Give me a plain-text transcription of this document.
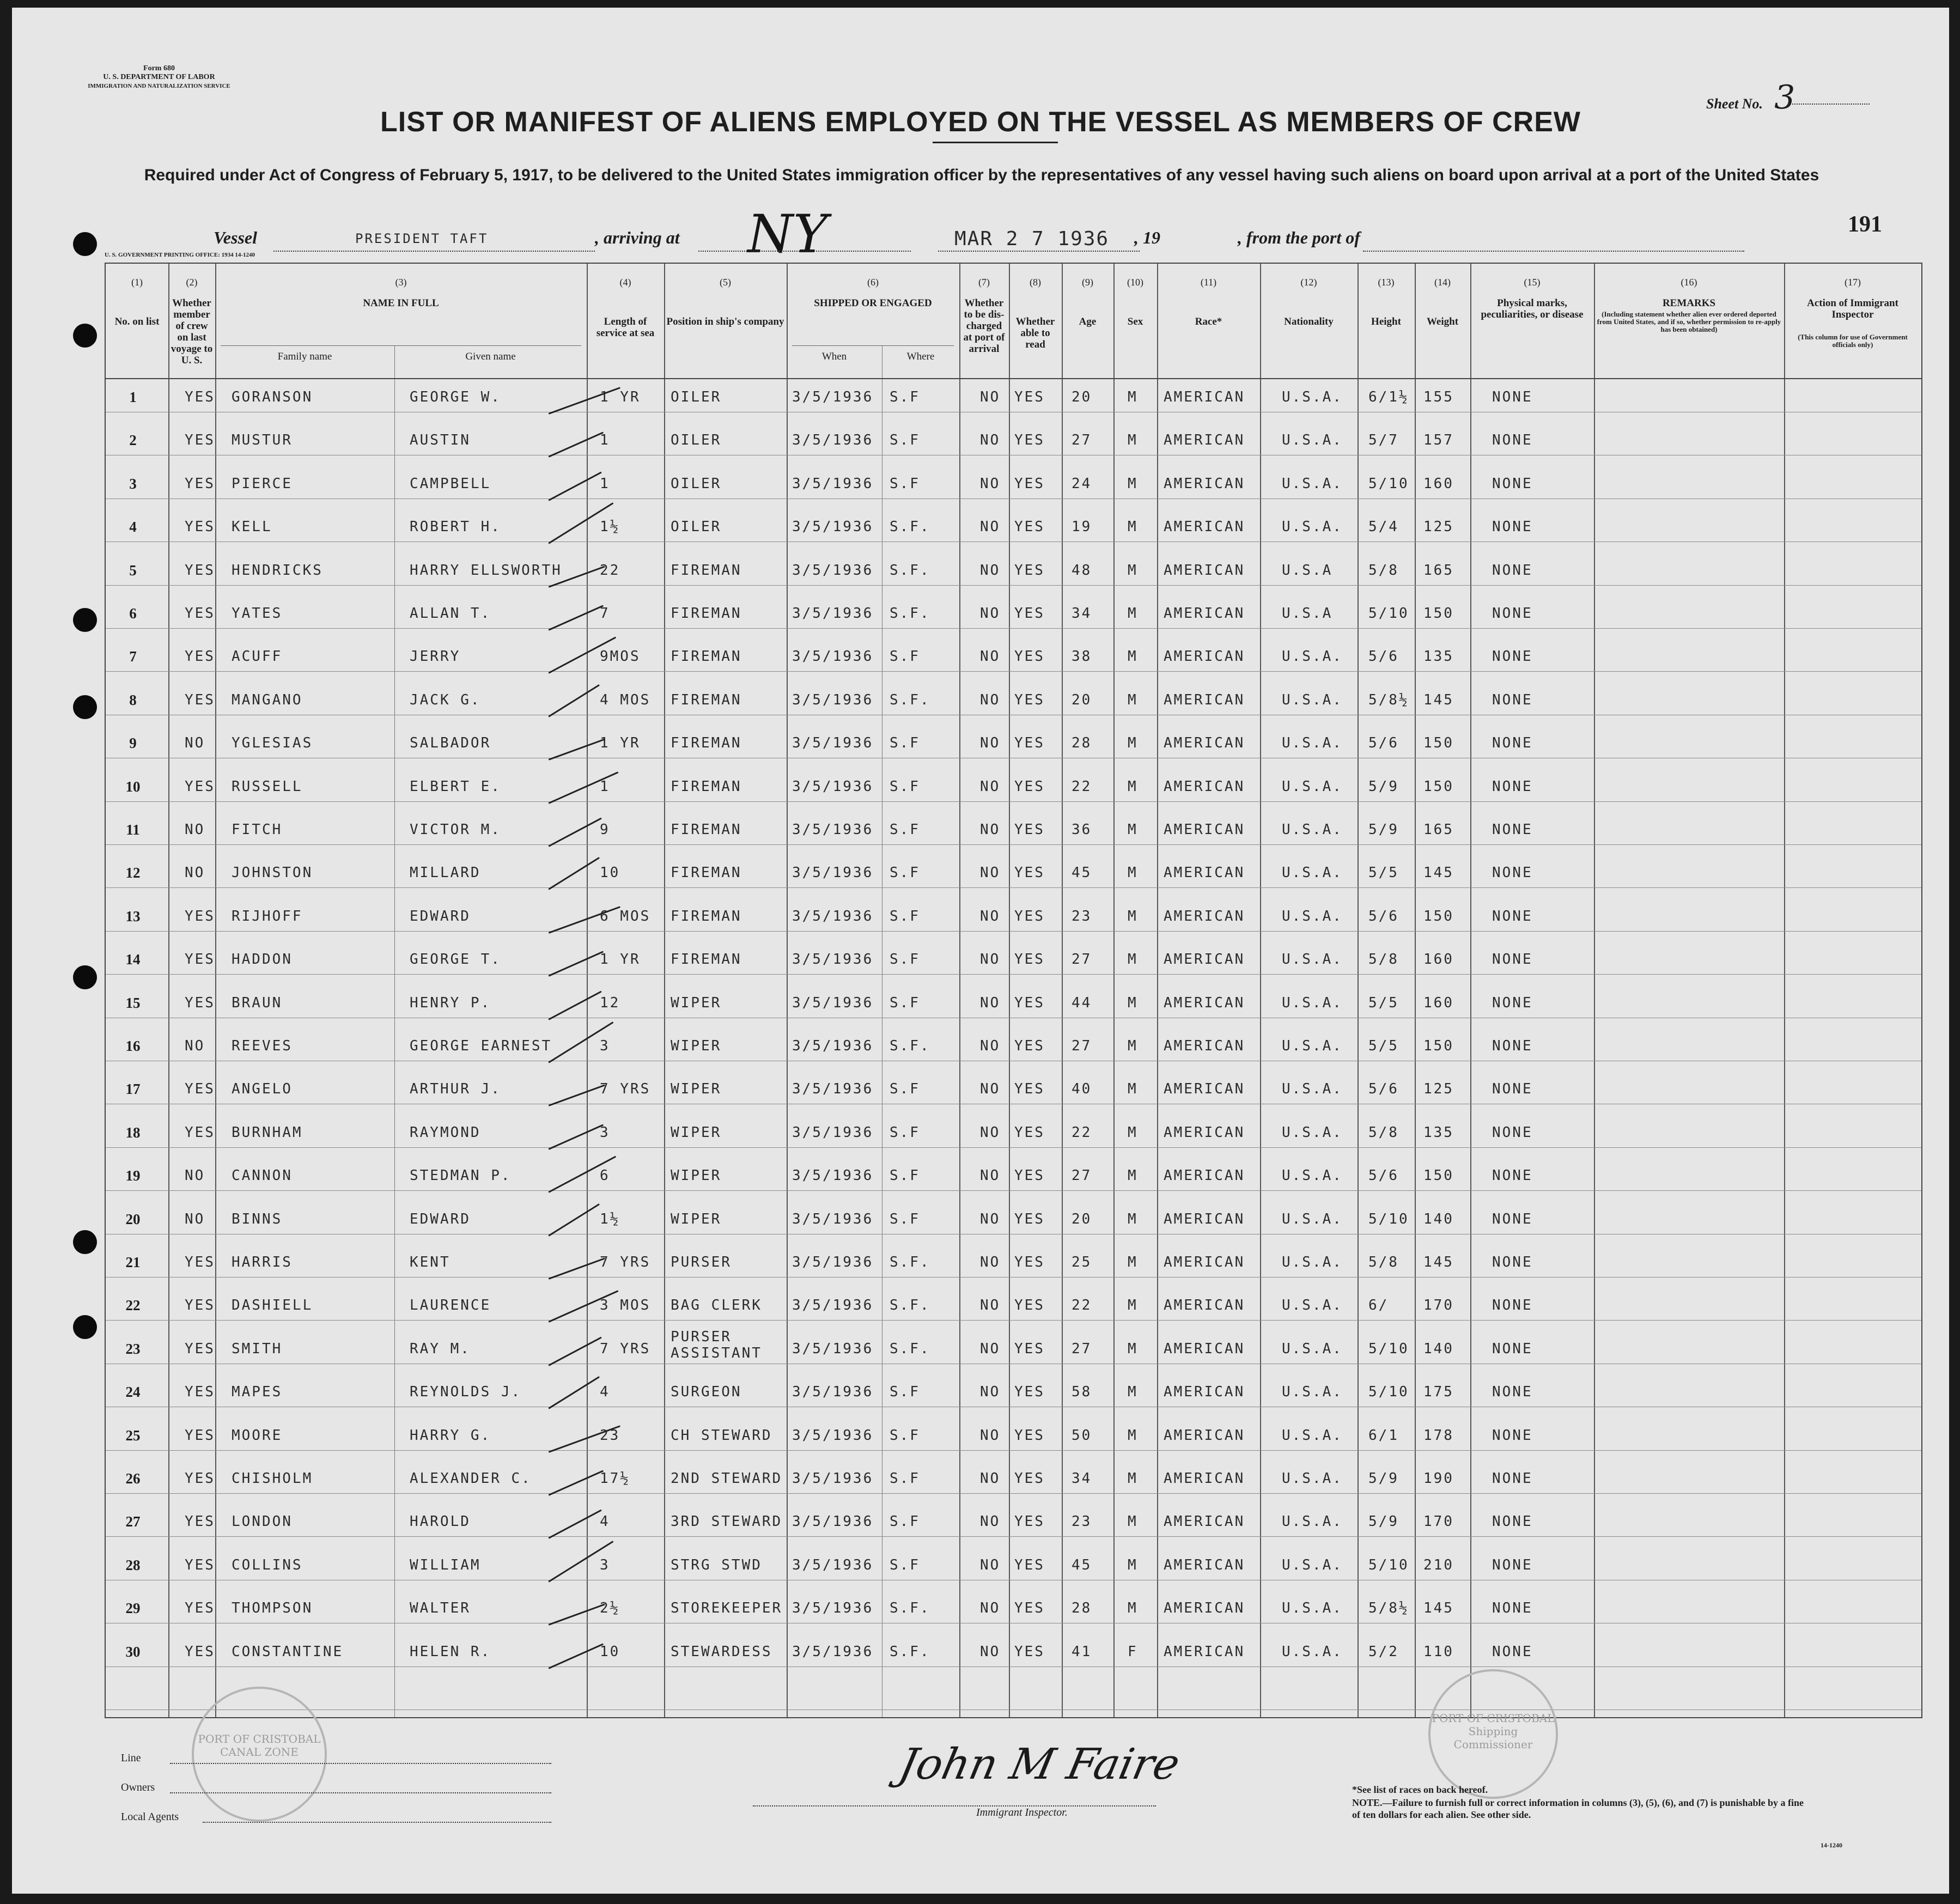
Form 680
U. S. DEPARTMENT OF LABOR
IMMIGRATION AND NATURALIZATION SERVICE
Sheet No. 3
LIST OR MANIFEST OF ALIENS EMPLOYED ON THE VESSEL AS MEMBERS OF CREW
Required under Act of Congress of February 5, 1917, to be delivered to the United States immigration officer by the representatives of any vessel having such aliens on board upon arrival at a port of the United States
191
Vessel	PRESIDENT TAFT	, arriving at NY	MAR 2 7 1936 , 19	, from the port of
U. S. GOVERNMENT PRINTING OFFICE: 1934 14-1240
(1)
No. on list
(2)
Whether member of crew on last voyage to U. S.
(3)
NAME IN FULL
Family name	Given name
(4)
Length of service at sea
(5)
Position in ship's company
(6)
SHIPPED OR ENGAGED
When	Where
(7)
Whether to be dis-charged at port of arrival
(8)
Whether able to read
(9)
Age
(10)
Sex
(11)
Race*
(12)
Nationality
(13)
Height
(14)
Weight
(15)
Physical marks, peculiarities, or disease
(16)
REMARKS
(Including statement whether alien ever ordered deported from United States, and if so, whether permission to re-apply has been obtained)
(17)
Action of Immigrant Inspector
(This column for use of Government officials only)
1	YES GORANSON	GEORGE W.	1 YR OILER	3/5/1936 S.F	NO YES 20	M AMERICAN	U.S.A. 6/1½ 155	NONE
2	YES MUSTUR	AUSTIN	1	OILER	3/5/1936 S.F	NO YES 27	M AMERICAN	U.S.A. 5/7 157	NONE
3	YES PIERCE	CAMPBELL	1	OILER	3/5/1936 S.F	NO YES 24	M AMERICAN	U.S.A. 5/10 160	NONE
4	YES KELL	ROBERT H.	1½	OILER	3/5/1936 S.F.	NO YES 19	M AMERICAN	U.S.A. 5/4 125	NONE
5	YES HENDRICKS	HARRY ELLSWORTH	22	FIREMAN	3/5/1936 S.F.	NO YES 48	M AMERICAN	U.S.A	5/8 165	NONE
6	YES YATES	ALLAN T.	7	FIREMAN	3/5/1936 S.F.	NO YES 34	M AMERICAN	U.S.A	5/10 150	NONE
7	YES ACUFF	JERRY	9MOS FIREMAN	3/5/1936 S.F	NO YES 38	M AMERICAN	U.S.A. 5/6 135	NONE
8	YES MANGANO	JACK G.	4 MOS FIREMAN	3/5/1936 S.F.	NO YES 20	M AMERICAN	U.S.A. 5/8½ 145	NONE
9	NO YGLESIAS	SALBADOR	1 YR FIREMAN	3/5/1936 S.F	NO YES 28	M AMERICAN	U.S.A. 5/6 150	NONE
10	YES RUSSELL	ELBERT E.	1	FIREMAN	3/5/1936 S.F	NO YES 22	M AMERICAN	U.S.A. 5/9 150	NONE
11	NO FITCH	VICTOR M.	9	FIREMAN	3/5/1936 S.F	NO YES 36	M AMERICAN	U.S.A. 5/9 165	NONE
12	NO JOHNSTON	MILLARD	10	FIREMAN	3/5/1936 S.F	NO YES 45	M AMERICAN	U.S.A. 5/5 145	NONE
13	YES RIJHOFF	EDWARD	6 MOS FIREMAN	3/5/1936 S.F	NO YES 23	M AMERICAN	U.S.A. 5/6 150	NONE
14	YES HADDON	GEORGE T.	1 YR FIREMAN	3/5/1936 S.F	NO YES 27	M AMERICAN	U.S.A. 5/8 160	NONE
15	YES BRAUN	HENRY P.	12	WIPER	3/5/1936 S.F	NO YES 44	M AMERICAN	U.S.A. 5/5 160	NONE
16	NO REEVES	GEORGE EARNEST	3	WIPER	3/5/1936 S.F.	NO YES 27	M AMERICAN	U.S.A. 5/5 150	NONE
17	YES ANGELO	ARTHUR J.	7 YRS WIPER	3/5/1936 S.F	NO YES 40	M AMERICAN	U.S.A. 5/6 125	NONE
18	YES BURNHAM	RAYMOND	3	WIPER	3/5/1936 S.F	NO YES 22	M AMERICAN	U.S.A. 5/8 135	NONE
19	NO CANNON	STEDMAN P.	6	WIPER	3/5/1936 S.F	NO YES 27	M AMERICAN	U.S.A. 5/6 150	NONE
20	NO BINNS	EDWARD	1½	WIPER	3/5/1936 S.F	NO YES 20	M AMERICAN	U.S.A. 5/10 140	NONE
21	YES HARRIS	KENT	7 YRS PURSER	3/5/1936 S.F.	NO YES 25	M AMERICAN	U.S.A. 5/8 145	NONE
22	YES DASHIELL	LAURENCE	3 MOS BAG CLERK 3/5/1936 S.F.	NO YES 22	M AMERICAN	U.S.A. 6/ 170	NONE
23	YES SMITH	RAY M.	7 YRS
PURSER ASSISTANT 3/5/1936 S.F.	NO YES 27	M AMERICAN	U.S.A. 5/10 140	NONE
24	YES MAPES	REYNOLDS J.	4	SURGEON	3/5/1936 S.F	NO YES 58	M AMERICAN	U.S.A. 5/10 175	NONE
25	YES MOORE	HARRY G.	23	CH STEWARD 3/5/1936 S.F	NO YES 50	M AMERICAN	U.S.A. 6/1 178	NONE
26	YES CHISHOLM	ALEXANDER C.	17½	2ND STEWARD 3/5/1936 S.F	NO YES 34	M AMERICAN	U.S.A. 5/9 190	NONE
27	YES LONDON	HAROLD	4	3RD STEWARD 3/5/1936 S.F	NO YES 23	M AMERICAN	U.S.A. 5/9 170	NONE
28	YES COLLINS	WILLIAM	3	STRG STWD 3/5/1936 S.F	NO YES 45	M AMERICAN	U.S.A. 5/10 210	NONE
29	YES THOMPSON	WALTER	2½	STOREKEEPER 3/5/1936 S.F.	NO YES 28	M AMERICAN	U.S.A. 5/8½ 145	NONE
30	YES CONSTANTINE	HELEN R.	10	STEWARDESS 3/5/1936 S.F.	NO YES 41	F AMERICAN	U.S.A. 5/2 110	NONE
PORT OF CRISTOBAL CANAL ZONE
PORT OF CRISTOBAL Shipping Commissioner
Line
Owners
Local Agents
John M Faire
Immigrant Inspector.
*See list of races on back hereof.
NOTE.—Failure to furnish full or correct information in columns (3), (5), (6), and (7) is punishable by a fine of ten dollars for each alien. See other side.
14-1240
